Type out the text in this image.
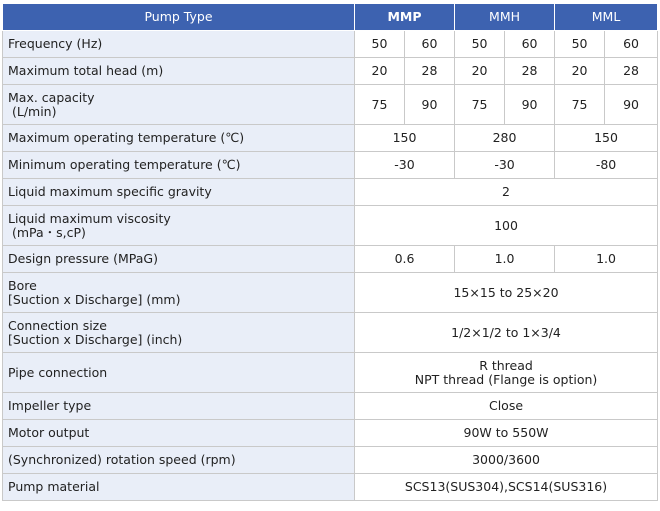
Pump Type	MMP		MMH		MML	
Frequency (Hz)	50	60	50	60	50	60
Maximum total head (m)	20	28	20	28	20	28
Max. capacity
(L/min)	75	90	75	90	75	90
Maximum operating temperature (℃)	150		280		150	
Minimum operating temperature (℃)	-30		-30		-80	
Liquid maximum specific gravity	2					
Liquid maximum viscosity
(mPa・s,cP)	100					
Design pressure (MPaG)	0.6		1.0		1.0	
Bore
[Suction x Discharge] (mm)	15×15 to 25×20					
Connection size
[Suction x Discharge] (inch)	1/2×1/2 to 1×3/4					
Pipe connection	R thread
NPT thread (Flange is option)					
Impeller type	Close					
Motor output	90W to 550W					
(Synchronized) rotation speed (rpm)	3000/3600					
Pump material	SCS13(SUS304),SCS14(SUS316)					
